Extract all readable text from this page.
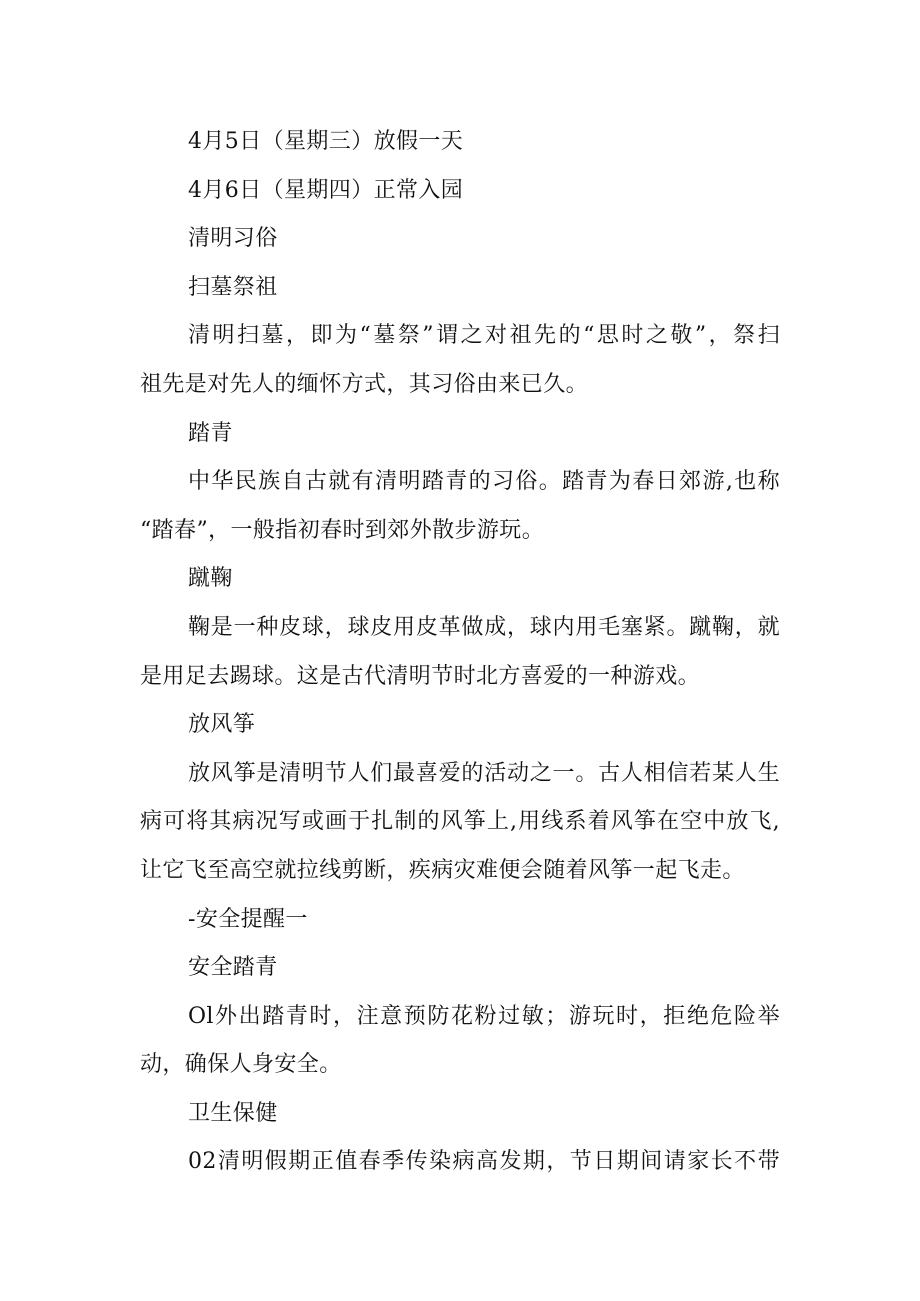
4月5日（星期三）放假一天
4月6日（星期四）正常入园
清明习俗
扫墓祭祖
清明扫墓，即为“墓祭”谓之对祖先的“思时之敬”，祭扫
祖先是对先人的缅怀方式，其习俗由来已久。
踏青
中华民族自古就有清明踏青的习俗。踏青为春日郊游,也称
“踏春”，一般指初春时到郊外散步游玩。
蹴鞠
鞠是一种皮球，球皮用皮革做成，球内用毛塞紧。蹴鞠，就
是用足去踢球。这是古代清明节时北方喜爱的一种游戏。
放风筝
放风筝是清明节人们最喜爱的活动之一。古人相信若某人生
病可将其病况写或画于扎制的风筝上,用线系着风筝在空中放飞,
让它飞至高空就拉线剪断，疾病灾难便会随着风筝一起飞走。
-安全提醒一
安全踏青
Ol外出踏青时，注意预防花粉过敏；游玩时，拒绝危险举
动，确保人身安全。
卫生保健
02清明假期正值春季传染病高发期，节日期间请家长不带
